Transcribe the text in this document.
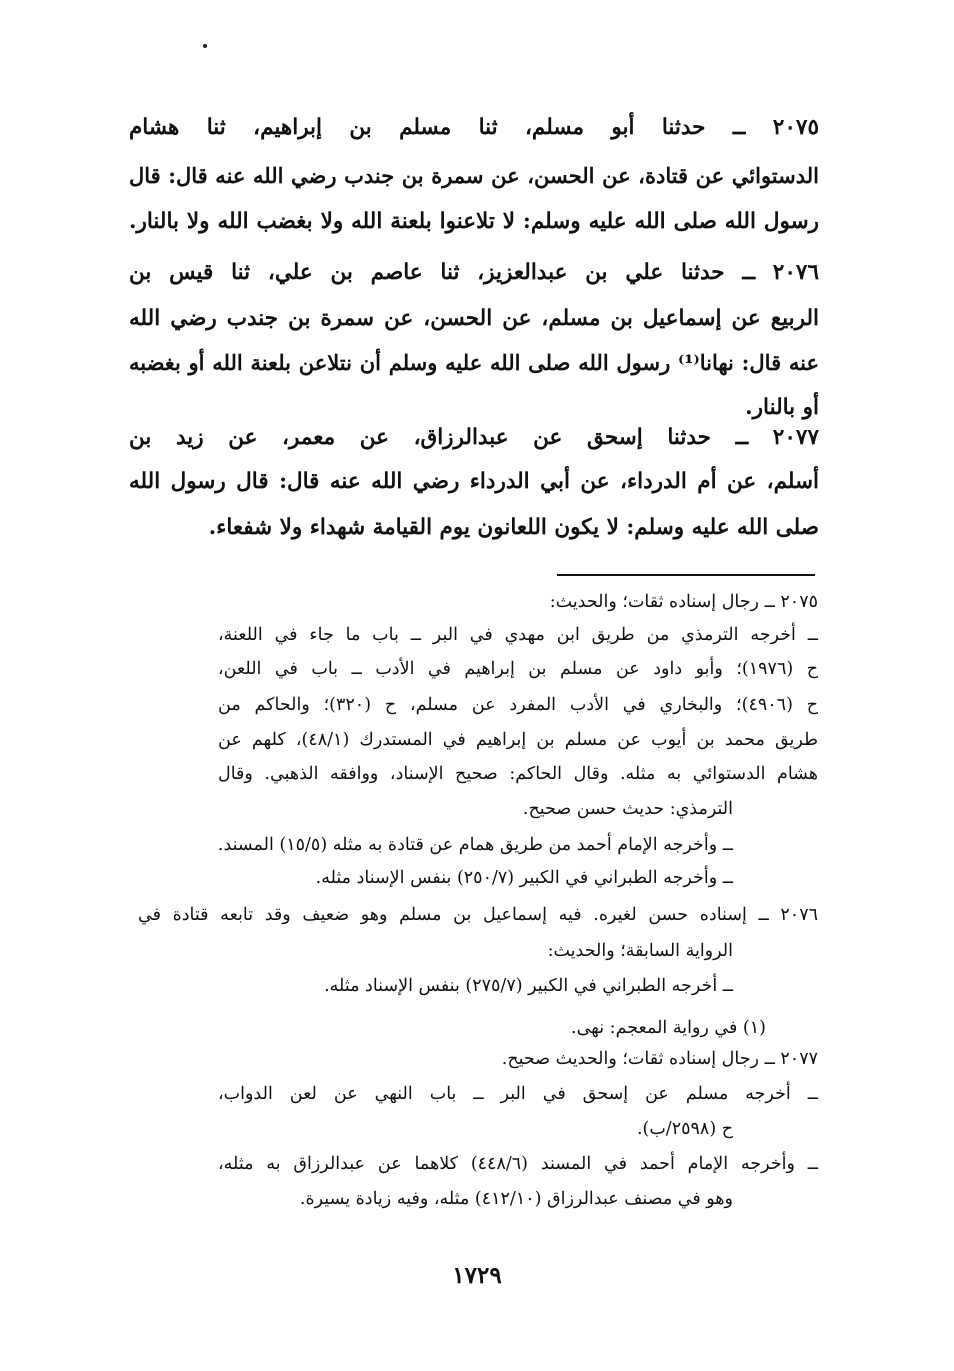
٢٠٧٥ ــ حدثنا أبو مسلم، ثنا مسلم بن إبراهيم، ثنا هشام
الدستوائي عن قتادة، عن الحسن، عن سمرة بن جندب رضي الله عنه قال: قال
رسول الله صلى الله عليه وسلم: لا تلاعنوا بلعنة الله ولا بغضب الله ولا بالنار.
٢٠٧٦ ــ حدثنا علي بن عبدالعزيز، ثنا عاصم بن علي، ثنا قيس بن
الربيع عن إسماعيل بن مسلم، عن الحسن، عن سمرة بن جندب رضي الله
عنه قال: نهانا⁽¹⁾ رسول الله صلى الله عليه وسلم أن نتلاعن بلعنة الله أو بغضبه
أو بالنار.
٢٠٧٧ ــ حدثنا إسحق عن عبدالرزاق، عن معمر، عن زيد بن
أسلم، عن أم الدرداء، عن أبي الدرداء رضي الله عنه قال: قال رسول الله
صلى الله عليه وسلم: لا يكون اللعانون يوم القيامة شهداء ولا شفعاء.
٢٠٧٥ ــ رجال إسناده ثقات؛ والحديث:
ــ أخرجه الترمذي من طريق ابن مهدي في البر ــ باب ما جاء في اللعنة،
ح (١٩٧٦)؛ وأبو داود عن مسلم بن إبراهيم في الأدب ــ باب في اللعن،
ح (٤٩٠٦)؛ والبخاري في الأدب المفرد عن مسلم، ح (٣٢٠)؛ والحاكم من
طريق محمد بن أيوب عن مسلم بن إبراهيم في المستدرك (٤٨/١)، كلهم عن
هشام الدستوائي به مثله. وقال الحاكم: صحيح الإسناد، ووافقه الذهبي. وقال
الترمذي: حديث حسن صحيح.
ــ وأخرجه الإمام أحمد من طريق همام عن قتادة به مثله (١٥/٥) المسند.
ــ وأخرجه الطبراني في الكبير (٢٥٠/٧) بنفس الإسناد مثله.
٢٠٧٦ ــ إسناده حسن لغيره. فيه إسماعيل بن مسلم وهو ضعيف وقد تابعه قتادة في
الرواية السابقة؛ والحديث:
ــ أخرجه الطبراني في الكبير (٢٧٥/٧) بنفس الإسناد مثله.
(١) في رواية المعجم: نهى.
٢٠٧٧ ــ رجال إسناده ثقات؛ والحديث صحيح.
ــ أخرجه مسلم عن إسحق في البر ــ باب النهي عن لعن الدواب،
ح (٢٥٩٨/ب).
ــ وأخرجه الإمام أحمد في المسند (٤٤٨/٦) كلاهما عن عبدالرزاق به مثله،
وهو في مصنف عبدالرزاق (٤١٢/١٠) مثله، وفيه زيادة يسيرة.
١٧٢٩
